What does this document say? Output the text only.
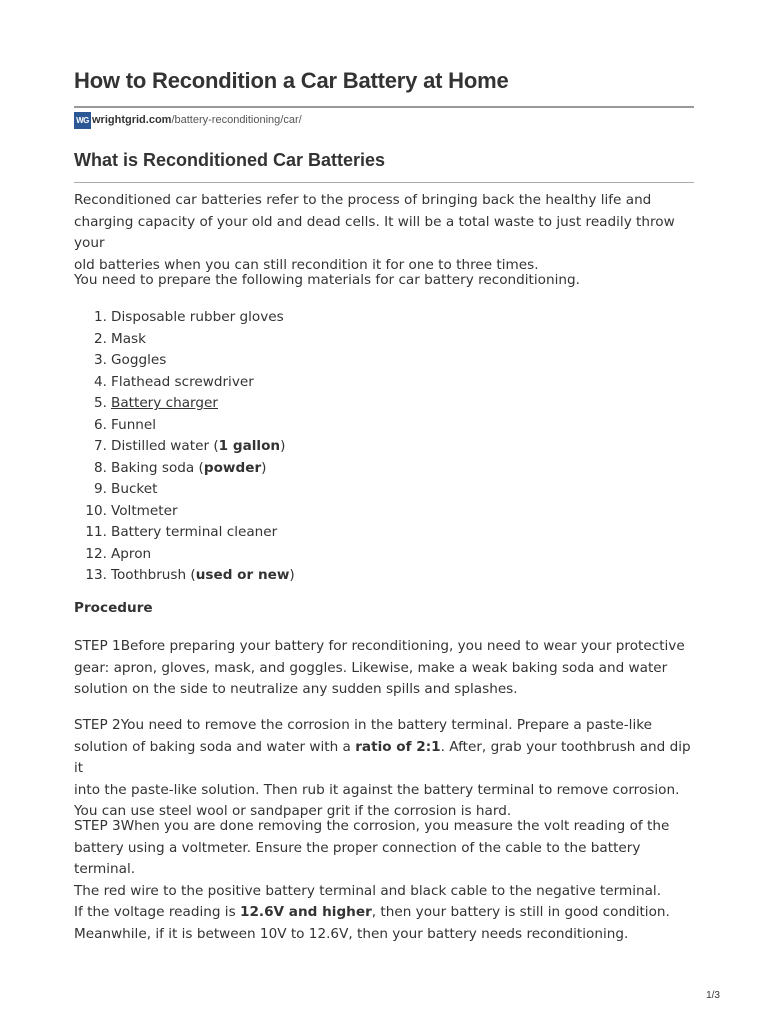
How to Recondition a Car Battery at Home
WG wrightgrid.com /battery-reconditioning/car/
What is Reconditioned Car Batteries

Reconditioned car batteries refer to the process of bringing back the healthy life and
charging capacity of your old and dead cells. It will be a total waste to just readily throw your
old batteries when you can still recondition it for one to three times.

You need to prepare the following materials for car battery reconditioning.

1. Disposable rubber gloves
2. Mask
3. Goggles
4. Flathead screwdriver
5. Battery charger
6. Funnel
7. Distilled water (1 gallon)
8. Baking soda (powder)
9. Bucket
10. Voltmeter
11. Battery terminal cleaner
12. Apron
13. Toothbrush (used or new)
Procedure

STEP 1Before preparing your battery for reconditioning, you need to wear your protective
gear: apron, gloves, mask, and goggles. Likewise, make a weak baking soda and water
solution on the side to neutralize any sudden spills and splashes.

STEP 2You need to remove the corrosion in the battery terminal. Prepare a paste-like
solution of baking soda and water with a ratio of 2:1. After, grab your toothbrush and dip it
into the paste-like solution. Then rub it against the battery terminal to remove corrosion.
You can use steel wool or sandpaper grit if the corrosion is hard.

STEP 3When you are done removing the corrosion, you measure the volt reading of the
battery using a voltmeter. Ensure the proper connection of the cable to the battery terminal.
The red wire to the positive battery terminal and black cable to the negative terminal.
If the voltage reading is 12.6V and higher, then your battery is still in good condition.
Meanwhile, if it is between 10V to 12.6V, then your battery needs reconditioning.

1/3
